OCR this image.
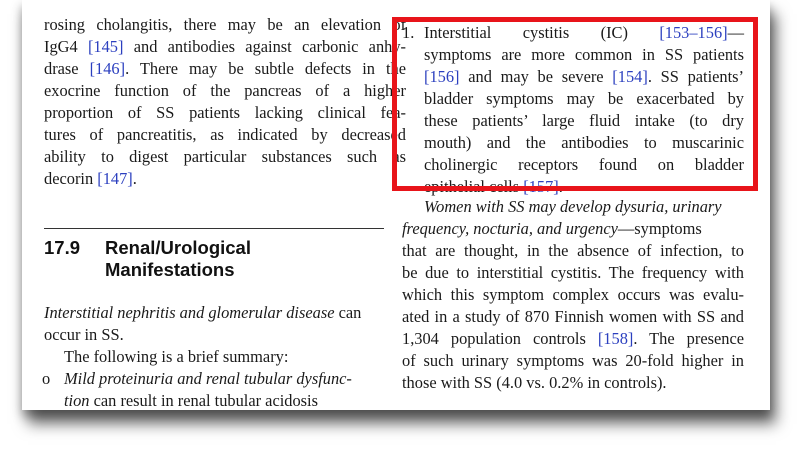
rosing cholangitis, there may be an elevation of
IgG4 [145] and antibodies against carbonic anhy-
drase [146]. There may be subtle defects in the
exocrine function of the pancreas of a higher
proportion of SS patients lacking clinical fea-
tures of pancreatitis, as indicated by decreased
ability to digest particular substances such as
decorin [147].
17.9 Renal/Urological
Manifestations
Interstitial nephritis and glomerular disease can
occur in SS.
The following is a brief summary:
o Mild proteinuria and renal tubular dysfunc-
tion can result in renal tubular acidosis
1. Interstitial cystitis (IC) [153–156]—
symptoms are more common in SS patients
[156] and may be severe [154]. SS patients’
bladder symptoms may be exacerbated by
these patients’ large fluid intake (to dry
mouth) and the antibodies to muscarinic
cholinergic receptors found on bladder
epithelial cells [157].
Women with SS may develop dysuria, urinary
frequency, nocturia, and urgency—symptoms
that are thought, in the absence of infection, to
be due to interstitial cystitis. The frequency with
which this symptom complex occurs was evalu-
ated in a study of 870 Finnish women with SS and
1,304 population controls [158]. The presence
of such urinary symptoms was 20-fold higher in
those with SS (4.0 vs. 0.2% in controls).
